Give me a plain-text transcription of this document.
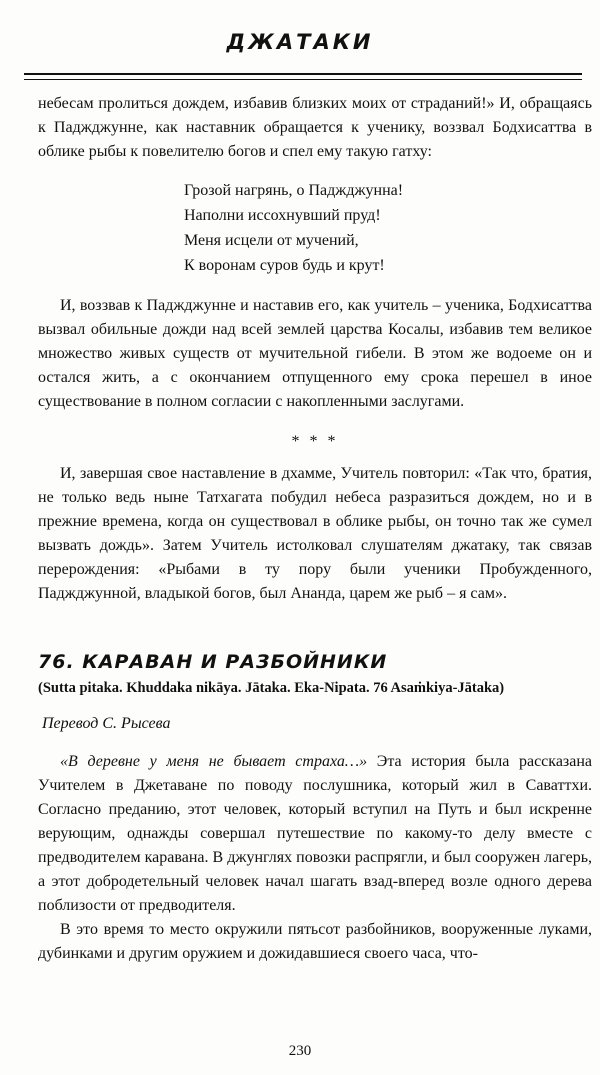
ДЖАТАКИ

небесам пролиться дождем, избавив близких моих от страданий!» И, обращаясь к Паджджунне, как наставник обращается к ученику, воззвал Бодхисаттва в облике рыбы к повелителю богов и спел ему такую гатху:

Грозой нагрянь, о Паджджунна!
Наполни иссохнувший пруд!
Меня исцели от мучений,
К воронам суров будь и крут!

И, воззвав к Паджджунне и наставив его, как учитель – ученика, Бодхисаттва вызвал обильные дожди над всей землей царства Косалы, избавив тем великое множество живых существ от мучительной гибели. В этом же водоеме он и остался жить, а с окончанием отпущенного ему срока перешел в иное существование в полном согласии с накопленными заслугами.

* * *

И, завершая свое наставление в дхамме, Учитель повторил: «Так что, братия, не только ведь ныне Татхагата побудил небеса разразиться дождем, но и в прежние времена, когда он существовал в облике рыбы, он точно так же сумел вызвать дождь». Затем Учитель истолковал слушателям джатаку, так связав перерождения: «Рыбами в ту пору были ученики Пробужденного, Паджджунной, владыкой богов, был Ананда, царем же рыб – я сам».

76. КАРАВАН И РАЗБОЙНИКИ
(Sutta pitaka. Khuddaka nikāya. Jātaka. Eka-Nipata. 76 Asaṁkiya-Jātaka)
Перевод С. Рысева

«В деревне у меня не бывает страха…» Эта история была рассказана Учителем в Джетаване по поводу послушника, который жил в Саваттхи. Согласно преданию, этот человек, который вступил на Путь и был искренне верующим, однажды совершал путешествие по какому-то делу вместе с предводителем каравана. В джунглях повозки распрягли, и был сооружен лагерь, а этот добродетельный человек начал шагать взад-вперед возле одного дерева поблизости от предводителя.

В это время то место окружили пятьсот разбойников, вооруженные луками, дубинками и другим оружием и дожидавшиеся своего часа, что-

230
